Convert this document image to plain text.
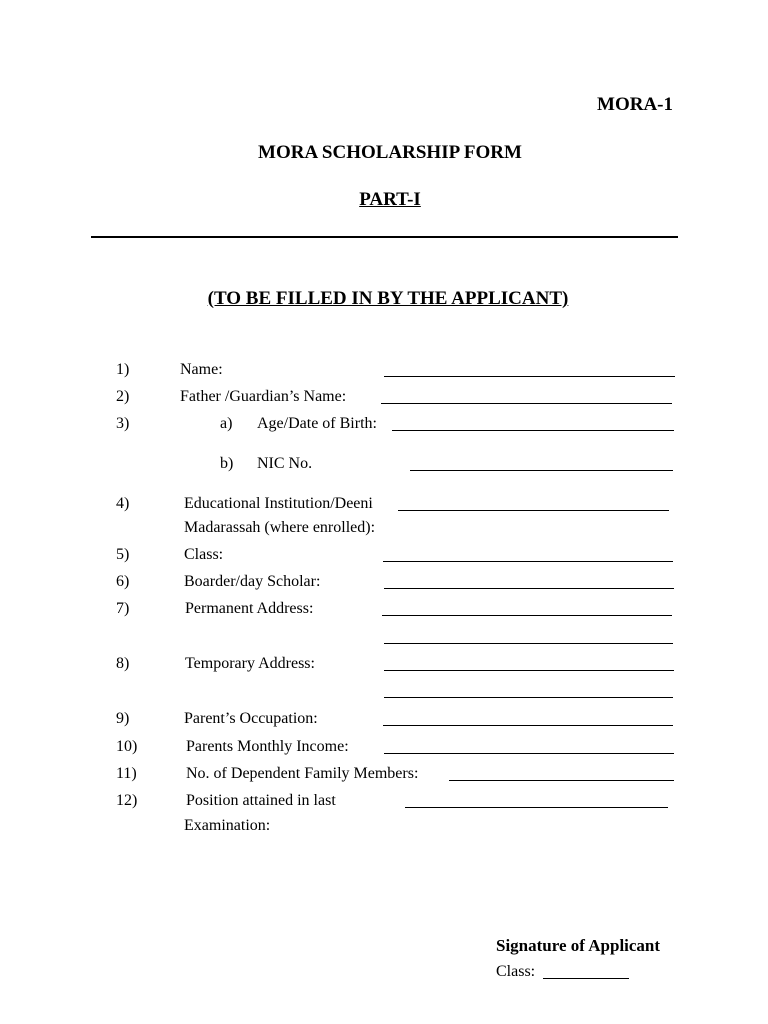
MORA-1
MORA SCHOLARSHIP FORM
PART-I
(TO BE FILLED IN BY THE APPLICANT)
1)	Name:
2)	Father /Guardian’s Name:
3)	a) Age/Date of Birth:
b) NIC No.
4)	Educational Institution/Deeni
Madarassah (where enrolled):
5)	Class:
6)	Boarder/day Scholar:
7)	Permanent Address:
8)	Temporary Address:
9)	Parent’s Occupation:
10)	Parents Monthly Income:
11)	No. of Dependent Family Members:
12)	Position attained in last
Examination:
Signature of Applicant
Class:
